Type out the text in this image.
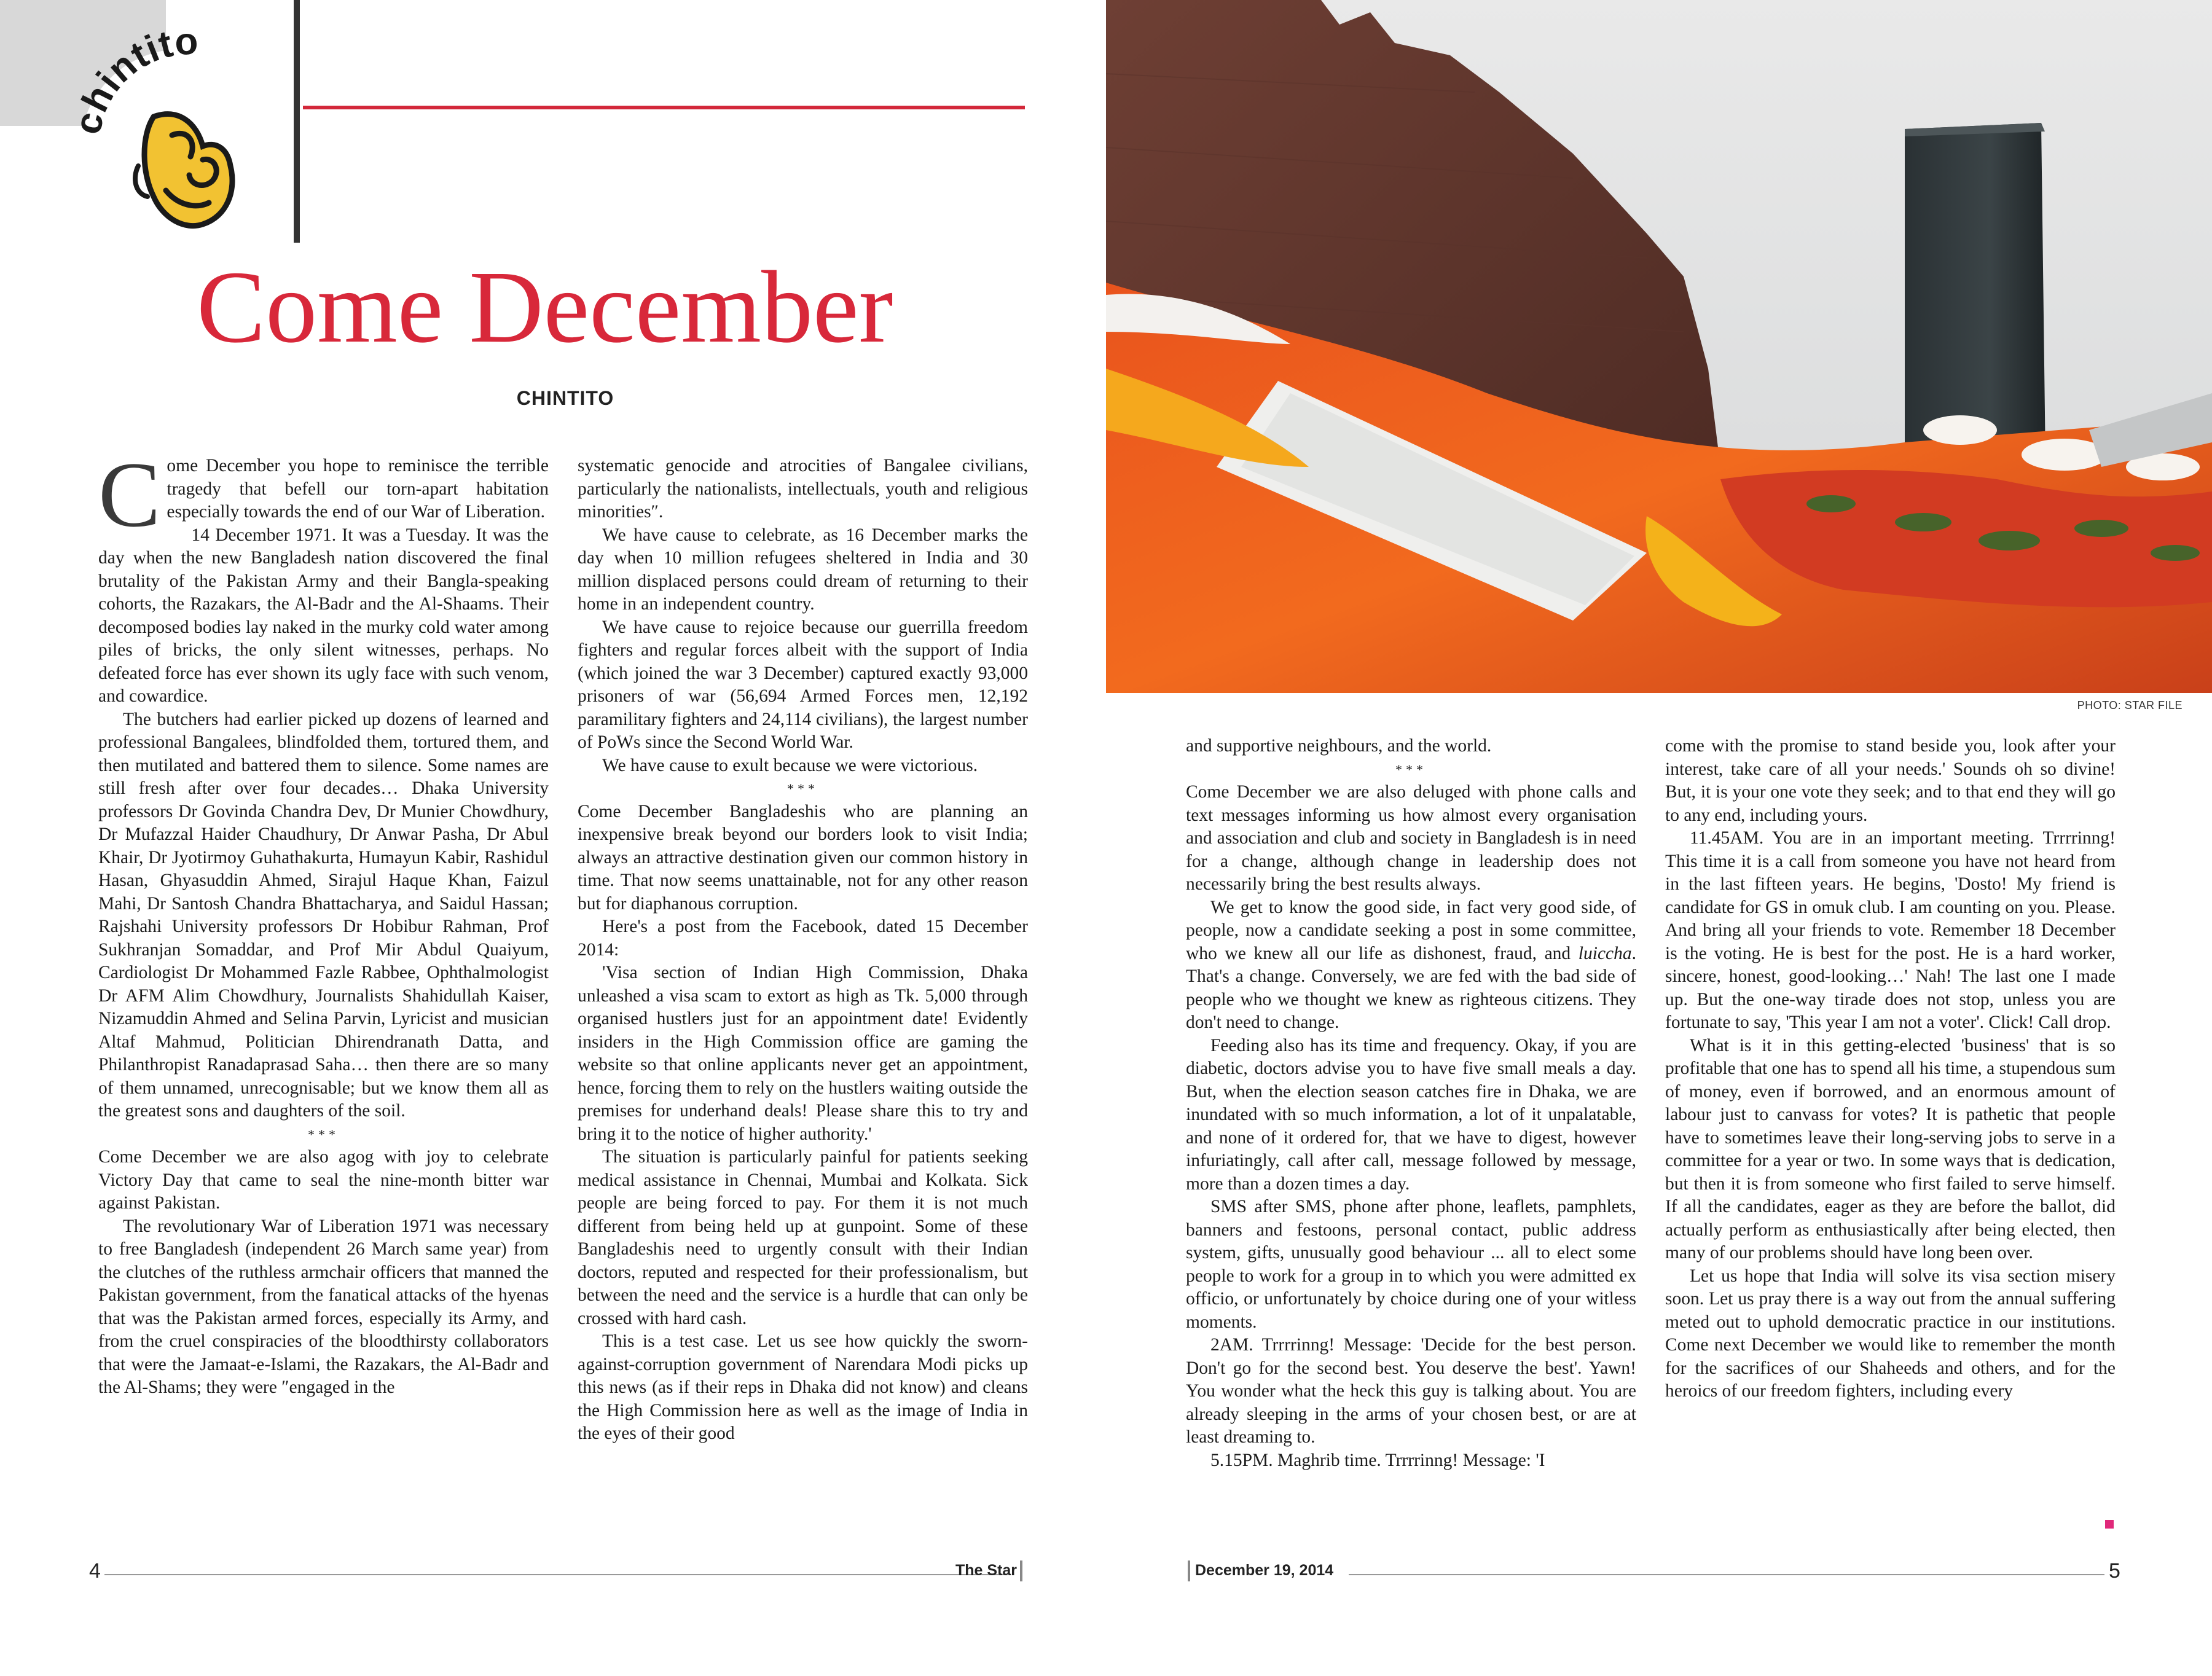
chintito
Come December
CHINTITO

Come December you hope to reminisce the terrible tragedy that befell our torn-apart habitation especially towards the end of our War of Liberation.

14 December 1971. It was a Tuesday. It was the day when the new Bangladesh nation discovered the final brutality of the Pakistan Army and their Bangla-speaking cohorts, the Razakars, the Al-Badr and the Al-Shaams. Their decomposed bodies lay naked in the murky cold water among piles of bricks, the only silent witnesses, perhaps. No defeated force has ever shown its ugly face with such venom, and cowardice.

The butchers had earlier picked up dozens of learned and professional Bangalees, blindfolded them, tortured them, and then mutilated and battered them to silence. Some names are still fresh after over four decades… Dhaka University professors Dr Govinda Chandra Dev, Dr Munier Chowdhury, Dr Mufazzal Haider Chaudhury, Dr Anwar Pasha, Dr Abul Khair, Dr Jyotirmoy Guhathakurta, Humayun Kabir, Rashidul Hasan, Ghyasuddin Ahmed, Sirajul Haque Khan, Faizul Mahi, Dr Santosh Chandra Bhattacharya, and Saidul Hassan; Rajshahi University professors Dr Hobibur Rahman, Prof Sukhranjan Somaddar, and Prof Mir Abdul Quaiyum, Cardiologist Dr Mohammed Fazle Rabbee, Ophthalmologist Dr AFM Alim Chowdhury, Journalists Shahidullah Kaiser, Nizamuddin Ahmed and Selina Parvin, Lyricist and musician Altaf Mahmud, Politician Dhirendranath Datta, and Philanthropist Ranadaprasad Saha… then there are so many of them unnamed, unrecognisable; but we know them all as the greatest sons and daughters of the soil.

***

Come December we are also agog with joy to celebrate Victory Day that came to seal the nine-month bitter war against Pakistan.

The revolutionary War of Liberation 1971 was necessary to free Bangladesh (independent 26 March same year) from the clutches of the ruthless armchair officers that manned the Pakistan government, from the fanatical attacks of the hyenas that was the Pakistan armed forces, especially its Army, and from the cruel conspiracies of the bloodthirsty collaborators that were the Jamaat-e-Islami, the Razakars, the Al-Badr and the Al-Shams; they were ″engaged in the

systematic genocide and atrocities of Bangalee civilians, particularly the nationalists, intellectuals, youth and religious minorities″.

We have cause to celebrate, as 16 December marks the day when 10 million refugees sheltered in India and 30 million displaced persons could dream of returning to their home in an independent country.

We have cause to rejoice because our guerrilla freedom fighters and regular forces albeit with the support of India (which joined the war 3 December) captured exactly 93,000 prisoners of war (56,694 Armed Forces men, 12,192 paramilitary fighters and 24,114 civilians), the largest number of PoWs since the Second World War.

We have cause to exult because we were victorious.

***

Come December Bangladeshis who are planning an inexpensive break beyond our borders look to visit India; always an attractive destination given our common history in time. That now seems unattainable, not for any other reason but for diaphanous corruption.

Here's a post from the Facebook, dated 15 December 2014:

'Visa section of Indian High Commission, Dhaka unleashed a visa scam to extort as high as Tk. 5,000 through organised hustlers just for an appointment date! Evidently insiders in the High Commission office are gaming the website so that online applicants never get an appointment, hence, forcing them to rely on the hustlers waiting outside the premises for underhand deals! Please share this to try and bring it to the notice of higher authority.'

The situation is particularly painful for patients seeking medical assistance in Chennai, Mumbai and Kolkata. Sick people are being forced to pay. For them it is not much different from being held up at gunpoint. Some of these Bangladeshis need to urgently consult with their Indian doctors, reputed and respected for their professionalism, but between the need and the service is a hurdle that can only be crossed with hard cash.

This is a test case. Let us see how quickly the sworn-against-corruption government of Narendara Modi picks up this news (as if their reps in Dhaka did not know) and cleans the High Commission here as well as the image of India in the eyes of their good

4	The Star
PHOTO: STAR FILE

and supportive neighbours, and the world.

***

Come December we are also deluged with phone calls and text messages informing us how almost every organisation and association and club and society in Bangladesh is in need for a change, although change in leadership does not necessarily bring the best results always.

We get to know the good side, in fact very good side, of people, now a candidate seeking a post in some committee, who we knew all our life as dishonest, fraud, and luiccha. That's a change. Conversely, we are fed with the bad side of people who we thought we knew as righteous citizens. They don't need to change.

Feeding also has its time and frequency. Okay, if you are diabetic, doctors advise you to have five small meals a day. But, when the election season catches fire in Dhaka, we are inundated with so much information, a lot of it unpalatable, and none of it ordered for, that we have to digest, however infuriatingly, call after call, message followed by message, more than a dozen times a day.

SMS after SMS, phone after phone, leaflets, pamphlets, banners and festoons, personal contact, public address system, gifts, unusually good behaviour ... all to elect some people to work for a group in to which you were admitted ex officio, or unfortunately by choice during one of your witless moments.

2AM. Trrrrinng! Message: 'Decide for the best person. Don't go for the second best. You deserve the best'. Yawn! You wonder what the heck this guy is talking about. You are already sleeping in the arms of your chosen best, or are at least dreaming to.

5.15PM. Maghrib time. Trrrrinng! Message: 'I

come with the promise to stand beside you, look after your interest, take care of all your needs.' Sounds oh so divine! But, it is your one vote they seek; and to that end they will go to any end, including yours.

11.45AM. You are in an important meeting. Trrrrinng! This time it is a call from someone you have not heard from in the last fifteen years. He begins, 'Dosto! My friend is candidate for GS in omuk club. I am counting on you. Please. And bring all your friends to vote. Remember 18 December is the voting. He is best for the post. He is a hard worker, sincere, honest, good-looking…' Nah! The last one I made up. But the one-way tirade does not stop, unless you are fortunate to say, 'This year I am not a voter'. Click! Call drop.

What is it in this getting-elected 'business' that is so profitable that one has to spend all his time, a stupendous sum of money, even if borrowed, and an enormous amount of labour just to canvass for votes? It is pathetic that people have to sometimes leave their long-serving jobs to serve in a committee for a year or two. In some ways that is dedication, but then it is from someone who first failed to serve himself. If all the candidates, eager as they are before the ballot, did actually perform as enthusiastically after being elected, then many of our problems should have long been over.

Let us hope that India will solve its visa section misery soon. Let us pray there is a way out from the annual suffering meted out to uphold democratic practice in our institutions. Come next December we would like to remember the month for the sacrifices of our Shaheeds and others, and for the heroics of our freedom fighters, including every

December 19, 2014	5
